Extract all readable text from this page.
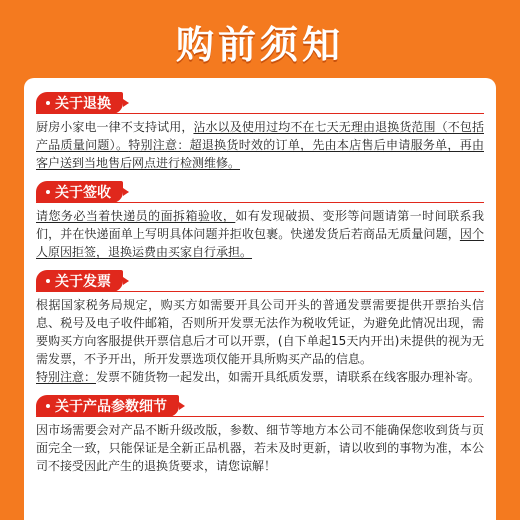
购前须知
关于退换

厨房小家电一律不支持试用，沾水以及使用过均不在七天无理由退换货范围（不包括产品质量问题）。特别注意：超退换货时效的订单，先由本店售后申请服务单，再由客户送到当地售后网点进行检测维修。

关于签收

请您务必当着快递员的面拆箱验收，如有发现破损、变形等问题请第一时间联系我们，并在快递面单上写明具体问题并拒收包裹。快递发货后若商品无质量问题，因个人原因拒签，退换运费由买家自行承担。

关于发票

根据国家税务局规定，购买方如需要开具公司开头的普通发票需要提供开票抬头信息、税号及电子收件邮箱，否则所开发票无法作为税收凭证，为避免此情况出现，需要购买方向客服提供开票信息后才可以开票，(自下单起15天内开出)未提供的视为无需发票，不予开出，所开发票选项仅能开具所购买产品的信息。
特别注意：发票不随货物一起发出，如需开具纸质发票，请联系在线客服办理补寄。

关于产品参数细节

因市场需要会对产品不断升级改版，参数、细节等地方本公司不能确保您收到货与页面完全一致，只能保证是全新正品机器，若未及时更新，请以收到的事物为准，本公司不接受因此产生的退换货要求，请您谅解！
